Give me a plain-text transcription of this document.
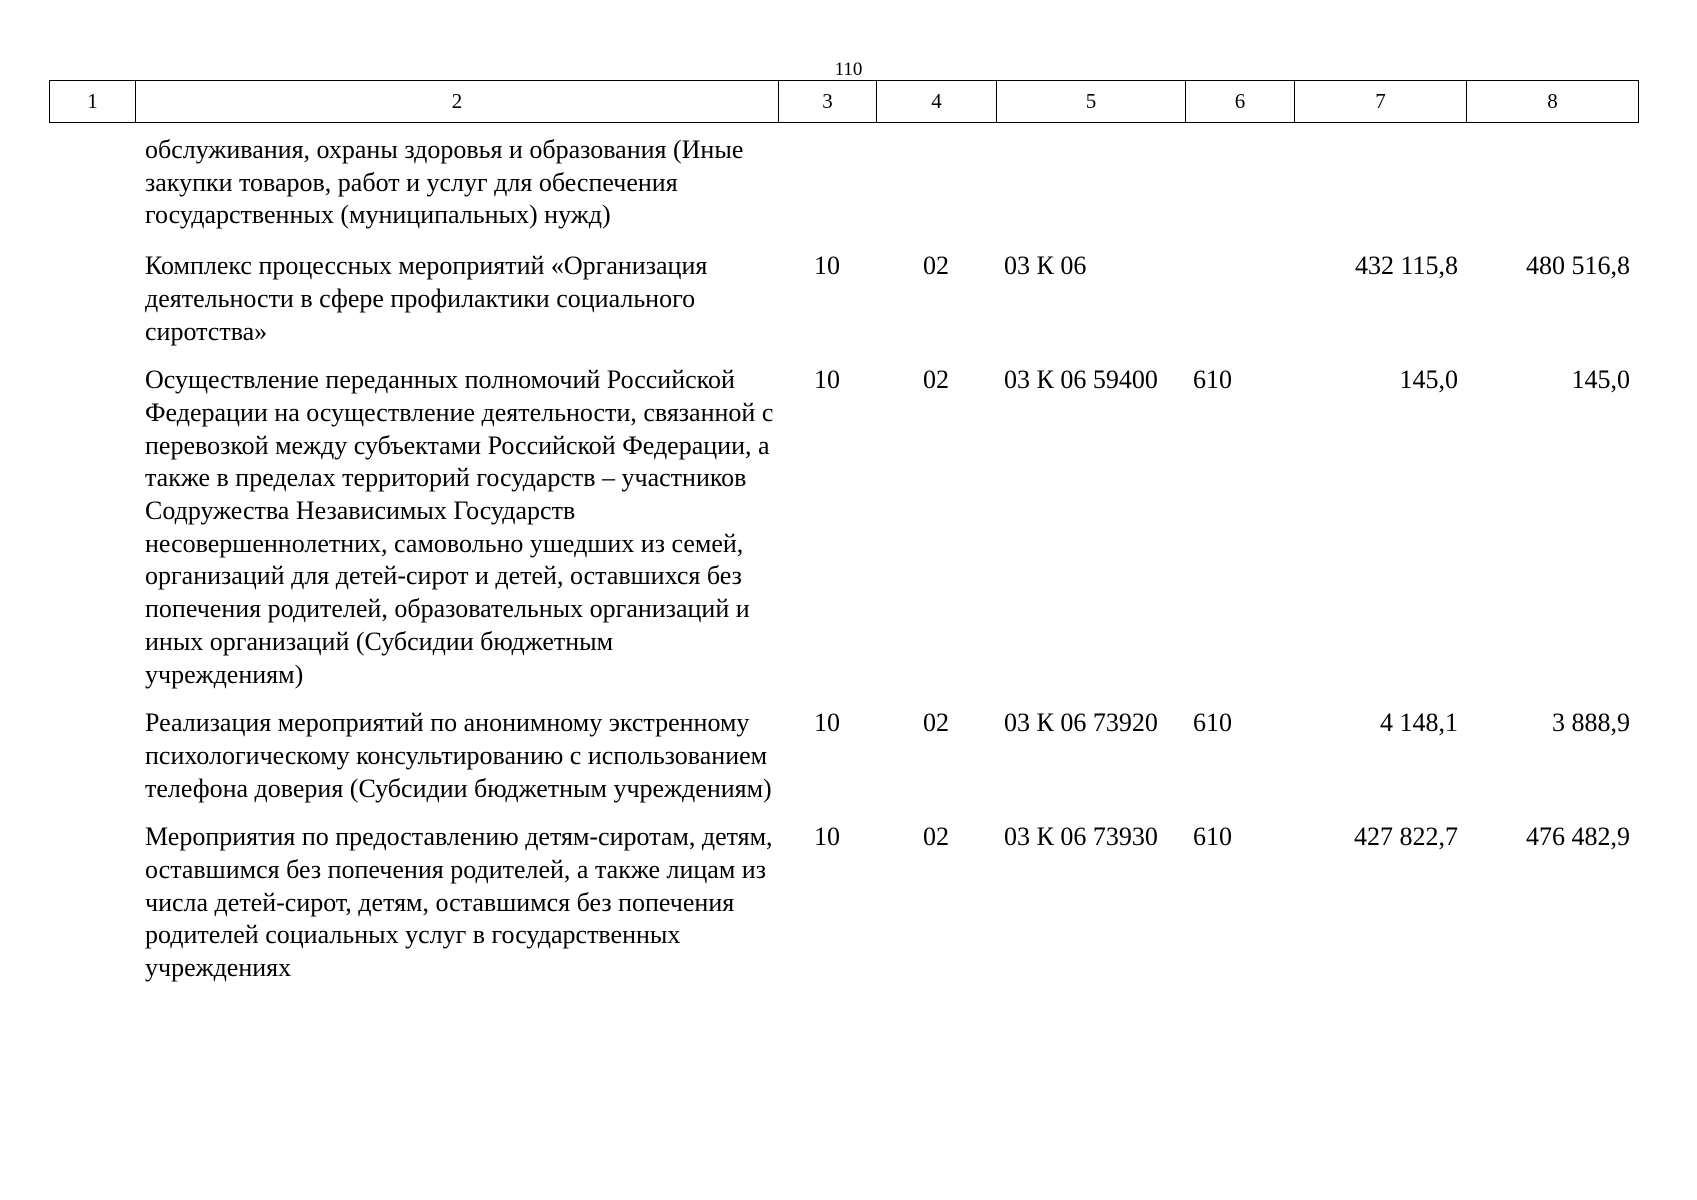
110
1	2	3	4	5	6	7	8
	обслуживания, охраны здоровья и образования (Иные закупки товаров, работ и услуг для обеспечения государственных (муниципальных) нужд)						
	Комплекс процессных мероприятий «Организация деятельности в сфере профилактики социального сиротства»	10	02	03 К 06		432 115,8	480 516,8
	Осуществление переданных полномочий Российской Федерации на осуществление деятельности, связанной с перевозкой между субъектами Российской Федерации, а также в пределах территорий государств – участников Содружества Независимых Государств несовершеннолетних, самовольно ушедших из семей, организаций для детей-сирот и детей, оставшихся без попечения родителей, образовательных организаций и иных организаций (Субсидии бюджетным учреждениям)	10	02	03 К 06 59400	610	145,0	145,0
	Реализация мероприятий по анонимному экстренному психологическому консультированию с использованием телефона доверия (Субсидии бюджетным учреждениям)	10	02	03 К 06 73920	610	4 148,1	3 888,9
	Мероприятия по предоставлению детям-сиротам, детям, оставшимся без попечения родителей, а также лицам из числа детей-сирот, детям, оставшимся без попечения родителей социальных услуг в государственных учреждениях	10	02	03 К 06 73930	610	427 822,7	476 482,9
